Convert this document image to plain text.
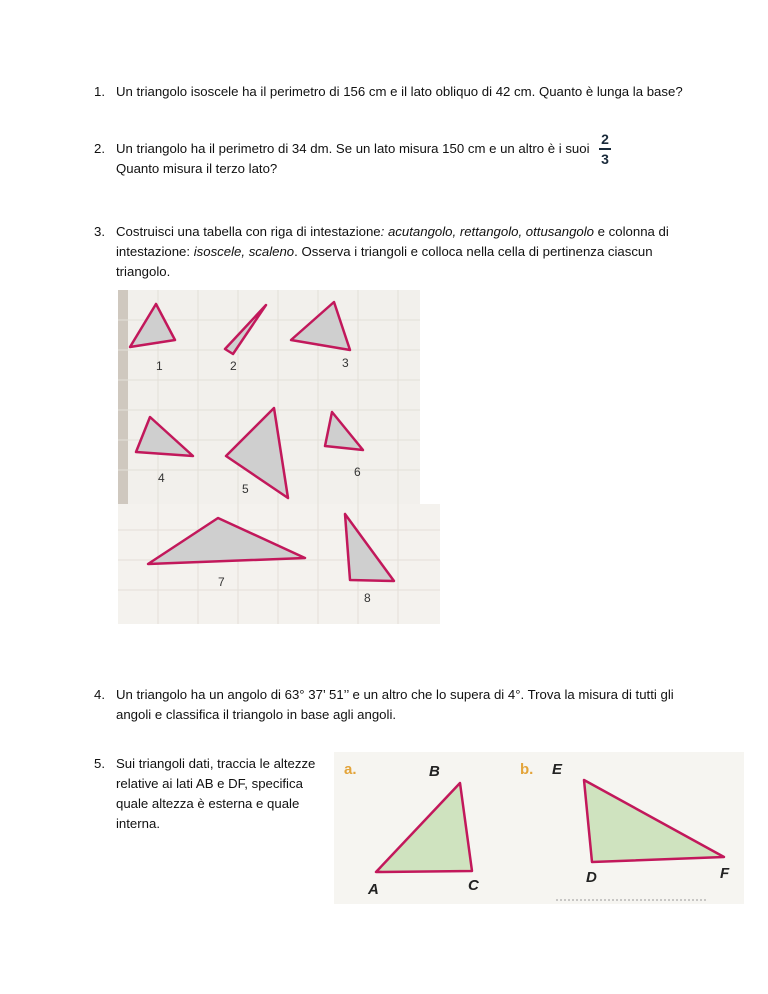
1. Un triangolo isoscele ha il perimetro di 156 cm e il lato obliquo di 42 cm. Quanto è lunga la base?
2. Un triangolo ha il perimetro di 34 dm. Se un lato misura 150 cm e un altro è i suoi
Quanto misura il terzo lato?
2
3
3. Costruisci una tabella con riga di intestazione: acutangolo, rettangolo, ottusangolo e colonna di
intestazione: isoscele, scaleno. Osserva i triangoli e colloca nella cella di pertinenza ciascun
triangolo.
1	2	3
4
5
6
7
8
4. Un triangolo ha un angolo di 63° 37’ 51’’ e un altro che lo supera di 4°. Trova la misura di tutti gli
angoli e classifica il triangolo in base agli angoli.
5. Sui triangoli dati, traccia le altezze
relative ai lati AB e DF, specifica
quale altezza è esterna e quale
interna.
a.	B
A	C
b. E
D	F
